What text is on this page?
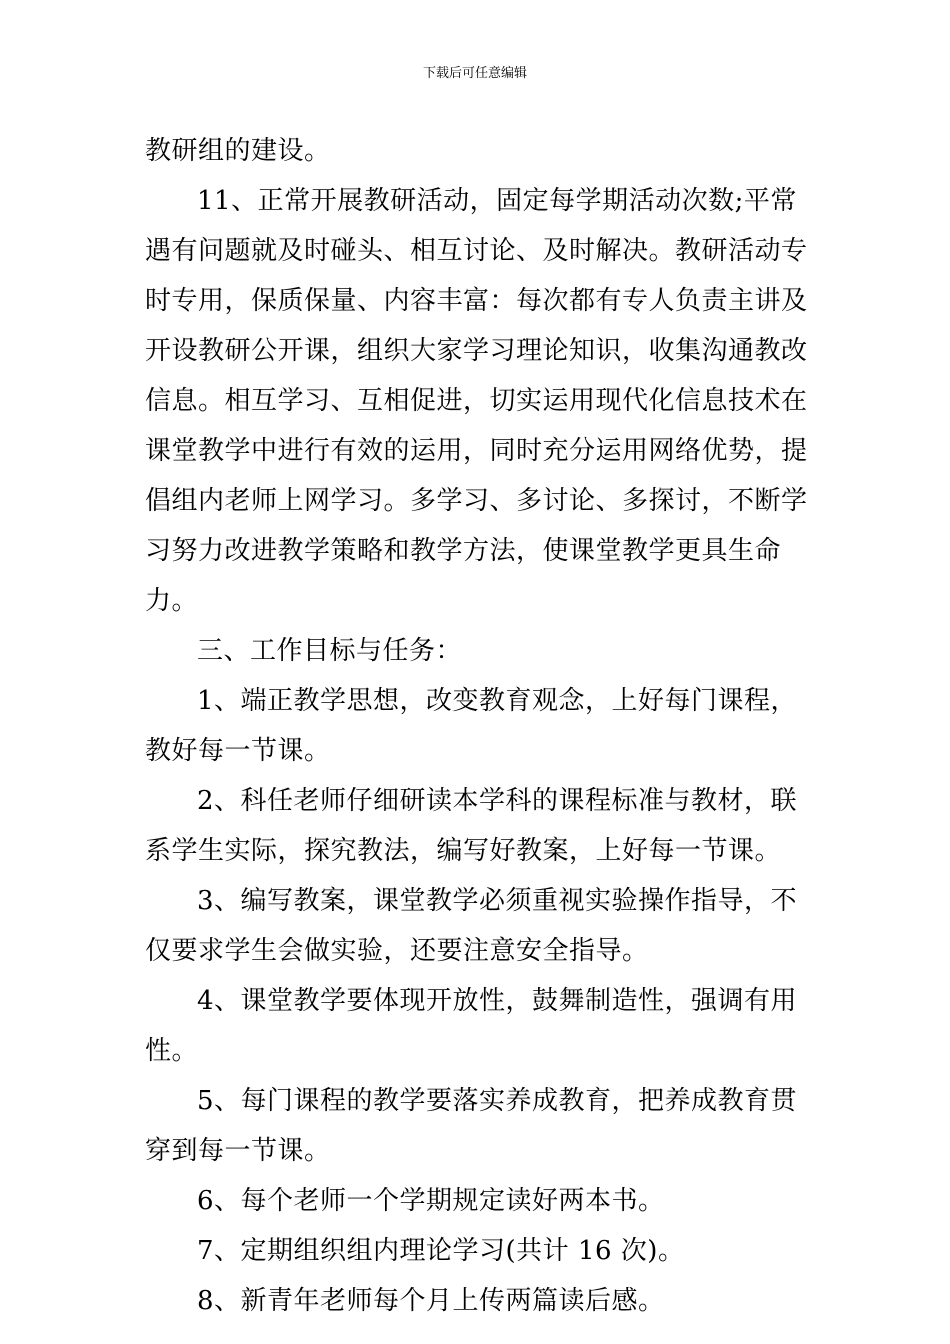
下载后可任意编辑

教研组的建设。

11、正常开展教研活动，固定每学期活动次数;平常遇有问题就及时碰头、相互讨论、及时解决。教研活动专时专用，保质保量、内容丰富：每次都有专人负责主讲及开设教研公开课，组织大家学习理论知识，收集沟通教改信息。相互学习、互相促进，切实运用现代化信息技术在课堂教学中进行有效的运用，同时充分运用网络优势，提倡组内老师上网学习。多学习、多讨论、多探讨，不断学习努力改进教学策略和教学方法，使课堂教学更具生命力。

三、工作目标与任务：

1、端正教学思想，改变教育观念，上好每门课程，教好每一节课。

2、科任老师仔细研读本学科的课程标准与教材，联系学生实际，探究教法，编写好教案，上好每一节课。

3、编写教案，课堂教学必须重视实验操作指导，不仅要求学生会做实验，还要注意安全指导。

4、课堂教学要体现开放性，鼓舞制造性，强调有用性。

5、每门课程的教学要落实养成教育，把养成教育贯穿到每一节课。

6、每个老师一个学期规定读好两本书。

7、定期组织组内理论学习(共计 16 次)。

8、新青年老师每个月上传两篇读后感。
